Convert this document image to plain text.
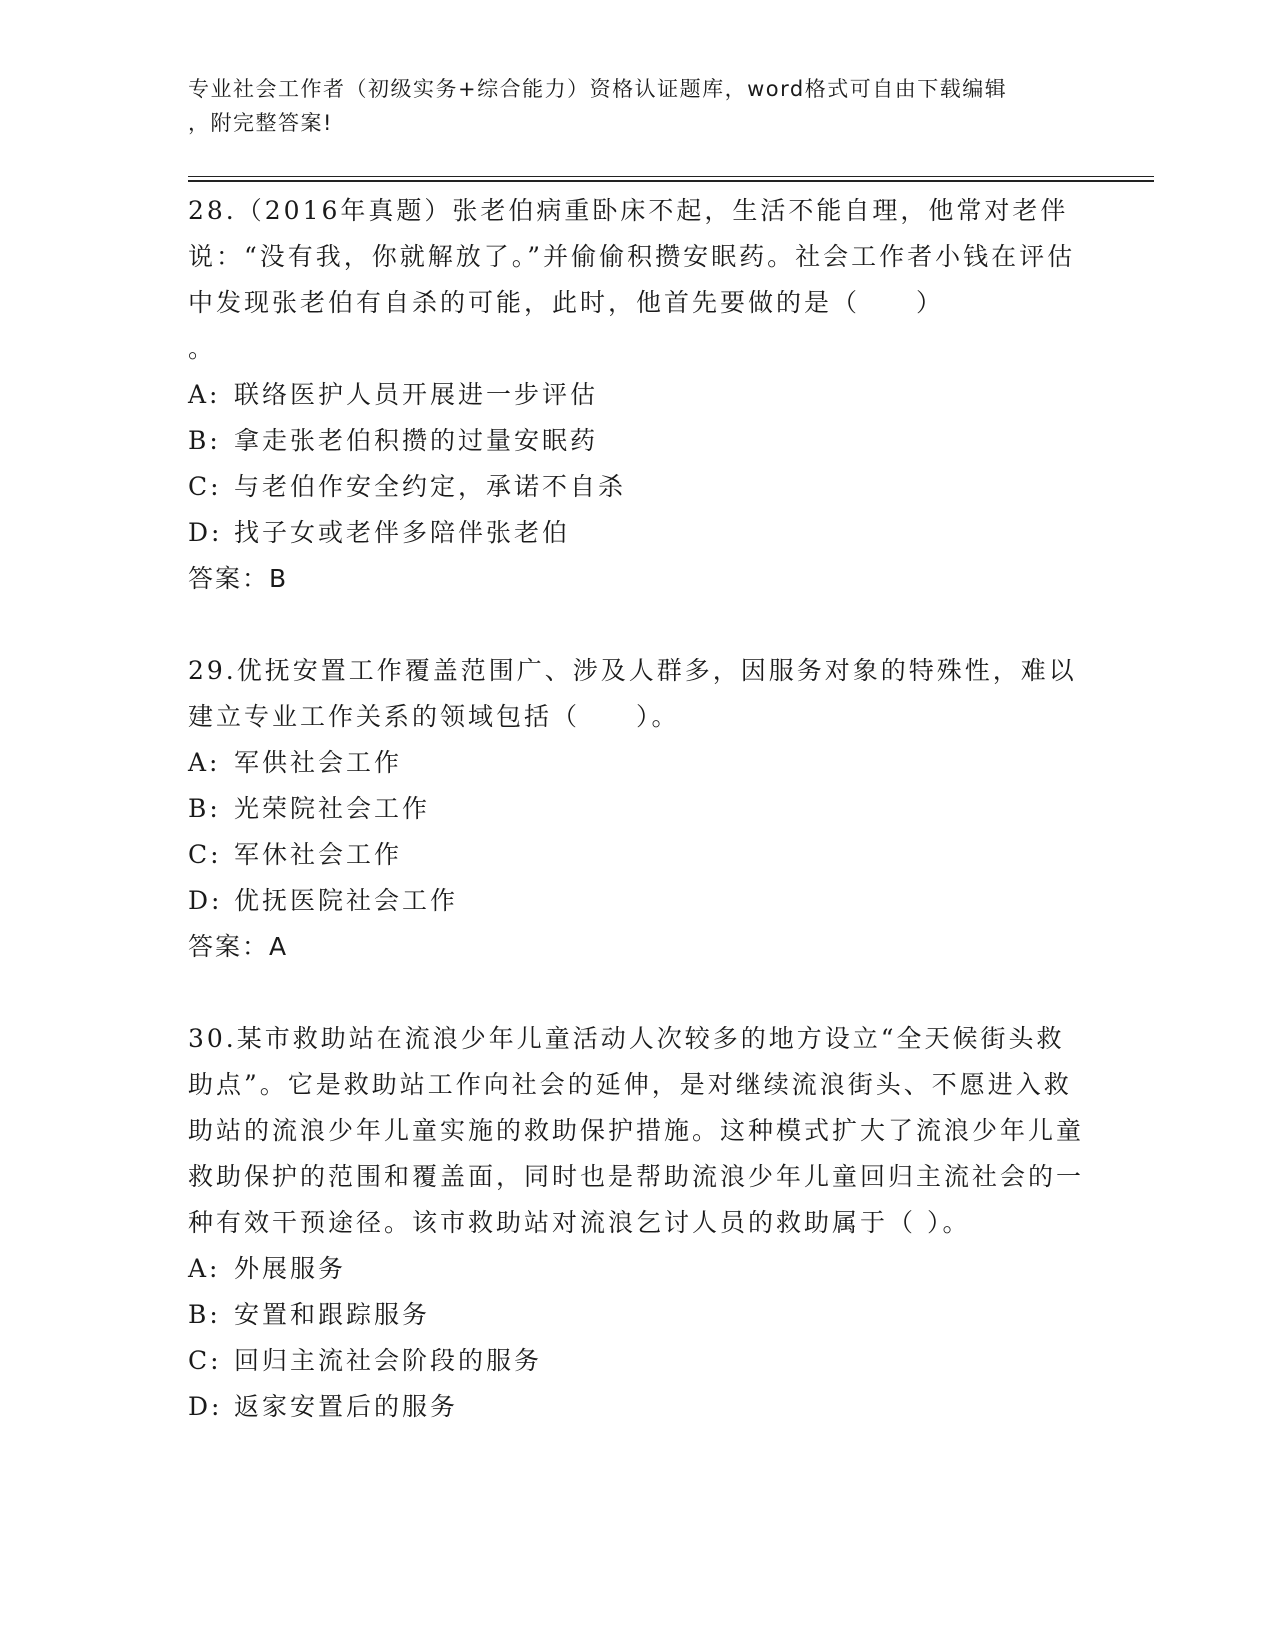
专业社会工作者（初级实务+综合能力）资格认证题库，word格式可自由下载编辑
，附完整答案!

28.（2016年真题）张老伯病重卧床不起，生活不能自理，他常对老伴说：“没有我，你就解放了。”并偷偷积攒安眠药。社会工作者小钱在评估中发现张老伯有自杀的可能，此时，他首先要做的是（　　）
。

A: 联络医护人员开展进一步评估

B: 拿走张老伯积攒的过量安眠药

C: 与老伯作安全约定，承诺不自杀

D: 找子女或老伴多陪伴张老伯

答案：B

29.优抚安置工作覆盖范围广、涉及人群多，因服务对象的特殊性，难以建立专业工作关系的领域包括（　　）。

A: 军供社会工作

B: 光荣院社会工作

C: 军休社会工作

D: 优抚医院社会工作

答案：A

30.某市救助站在流浪少年儿童活动人次较多的地方设立“全天候街头救助点”。它是救助站工作向社会的延伸，是对继续流浪街头、不愿进入救助站的流浪少年儿童实施的救助保护措施。这种模式扩大了流浪少年儿童救助保护的范围和覆盖面，同时也是帮助流浪少年儿童回归主流社会的一种有效干预途径。该市救助站对流浪乞讨人员的救助属于（ ）。

A: 外展服务

B: 安置和跟踪服务

C: 回归主流社会阶段的服务

D: 返家安置后的服务
